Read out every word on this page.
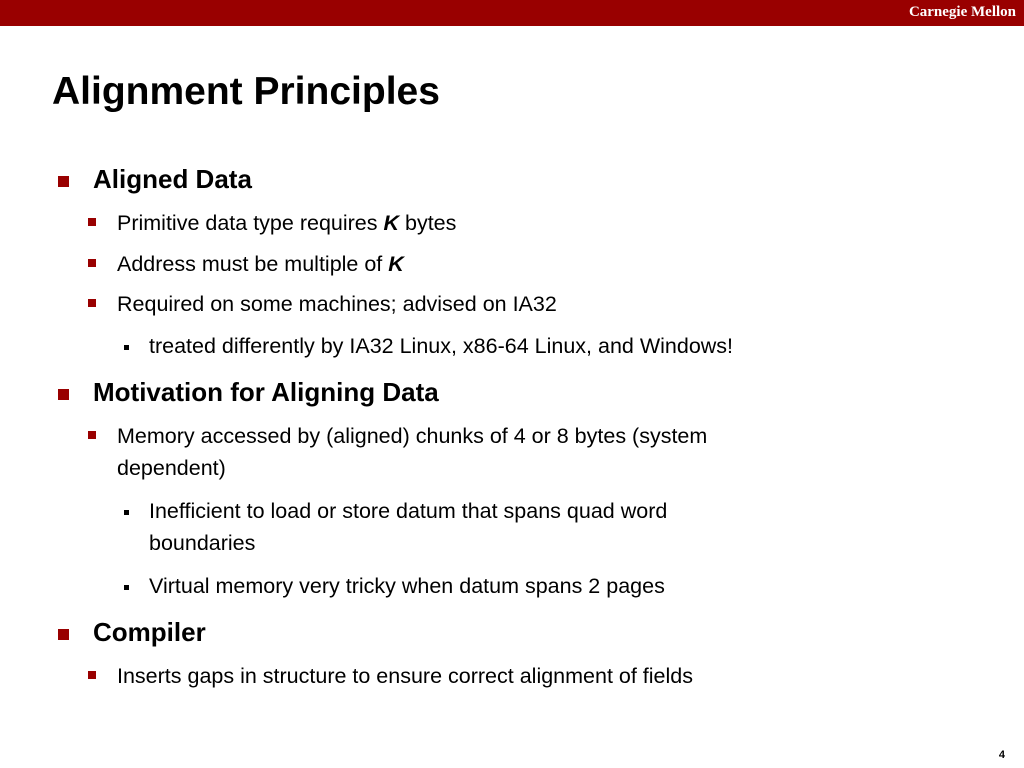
Carnegie Mellon
Alignment Principles
Aligned Data
Primitive data type requires K bytes
Address must be multiple of K
Required on some machines; advised on IA32
treated differently by IA32 Linux, x86-64 Linux, and Windows!
Motivation for Aligning Data
Memory accessed by (aligned) chunks of 4 or 8 bytes (system
dependent)
Inefficient to load or store datum that spans quad word
boundaries
Virtual memory very tricky when datum spans 2 pages
Compiler
Inserts gaps in structure to ensure correct alignment of fields
4
